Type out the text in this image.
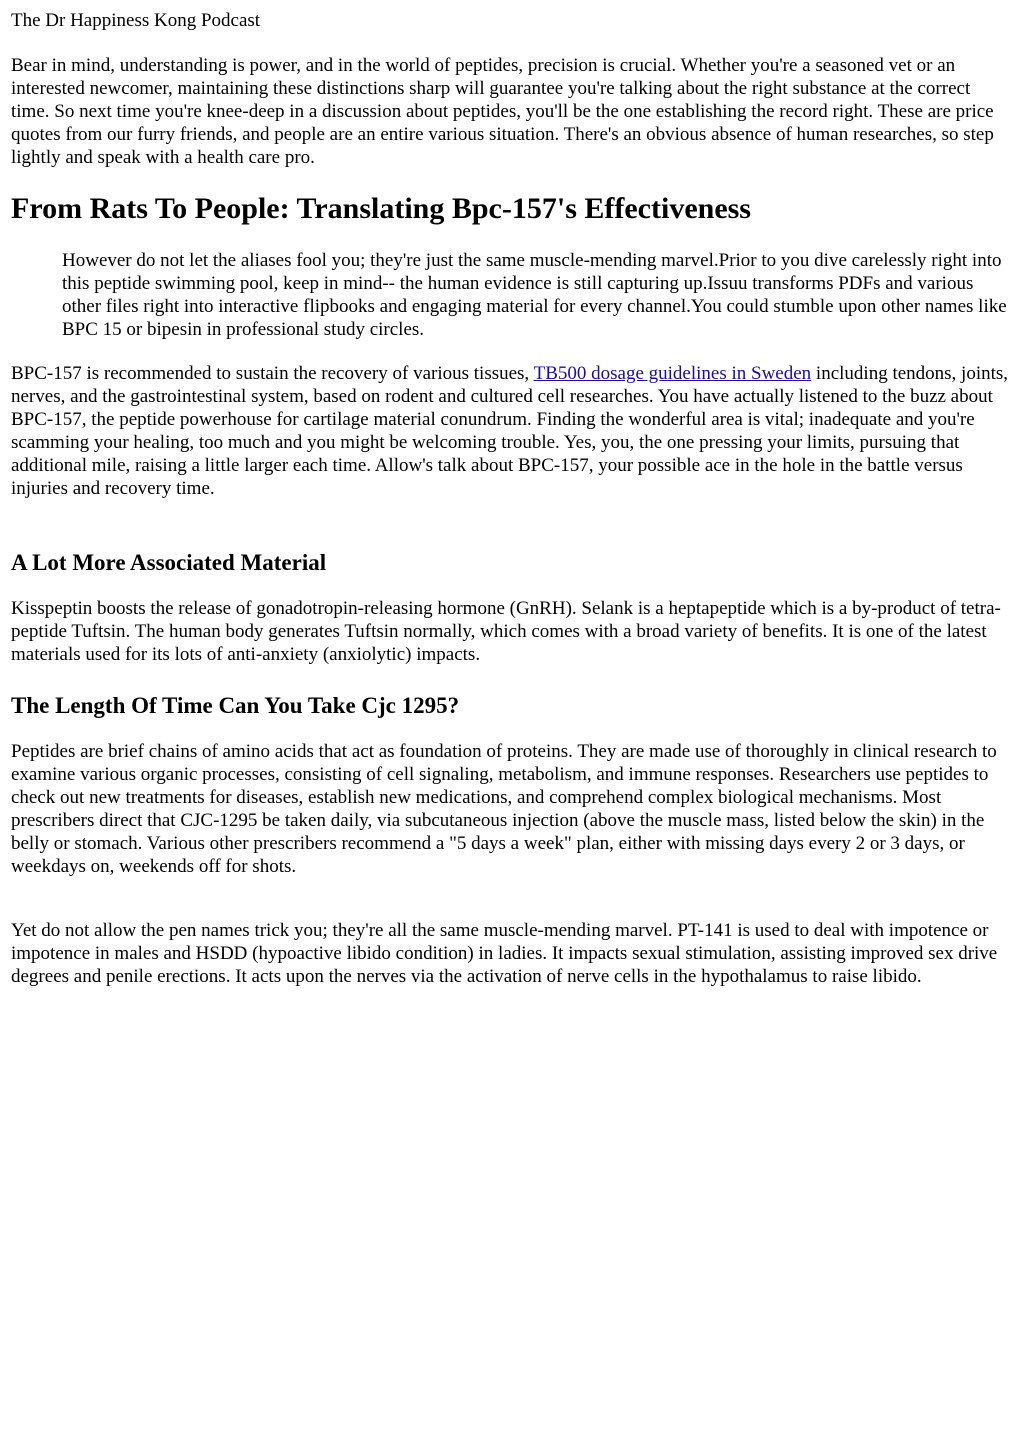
The Dr Happiness Kong Podcast

Bear in mind, understanding is power, and in the world of peptides, precision is crucial. Whether you're a seasoned vet or an interested newcomer, maintaining these distinctions sharp will guarantee you're talking about the right substance at the correct time. So next time you're knee-deep in a discussion about peptides, you'll be the one establishing the record right. These are price quotes from our furry friends, and people are an entire various situation. There's an obvious absence of human researches, so step lightly and speak with a health care pro.

From Rats To People: Translating Bpc-157's Effectiveness
However do not let the aliases fool you; they're just the same muscle-mending marvel.Prior to you dive carelessly right into this peptide swimming pool, keep in mind-- the human evidence is still capturing up.Issuu transforms PDFs and various other files right into interactive flipbooks and engaging material for every channel.You could stumble upon other names like BPC 15 or bipesin in professional study circles.

BPC-157 is recommended to sustain the recovery of various tissues, TB500 dosage guidelines in Sweden including tendons, joints, nerves, and the gastrointestinal system, based on rodent and cultured cell researches. You have actually listened to the buzz about BPC-157, the peptide powerhouse for cartilage material conundrum. Finding the wonderful area is vital; inadequate and you're scamming your healing, too much and you might be welcoming trouble. Yes, you, the one pressing your limits, pursuing that additional mile, raising a little larger each time. Allow's talk about BPC-157, your possible ace in the hole in the battle versus injuries and recovery time.

A Lot More Associated Material

Kisspeptin boosts the release of gonadotropin-releasing hormone (GnRH). Selank is a heptapeptide which is a by-product of tetra-peptide Tuftsin. The human body generates Tuftsin normally, which comes with a broad variety of benefits. It is one of the latest materials used for its lots of anti-anxiety (anxiolytic) impacts.

The Length Of Time Can You Take Cjc 1295?

Peptides are brief chains of amino acids that act as foundation of proteins. They are made use of thoroughly in clinical research to examine various organic processes, consisting of cell signaling, metabolism, and immune responses. Researchers use peptides to check out new treatments for diseases, establish new medications, and comprehend complex biological mechanisms. Most prescribers direct that CJC-1295 be taken daily, via subcutaneous injection (above the muscle mass, listed below the skin) in the belly or stomach. Various other prescribers recommend a "5 days a week" plan, either with missing days every 2 or 3 days, or weekdays on, weekends off for shots.

Yet do not allow the pen names trick you; they're all the same muscle-mending marvel. PT-141 is used to deal with impotence or impotence in males and HSDD (hypoactive libido condition) in ladies. It impacts sexual stimulation, assisting improved sex drive degrees and penile erections. It acts upon the nerves via the activation of nerve cells in the hypothalamus to raise libido.
